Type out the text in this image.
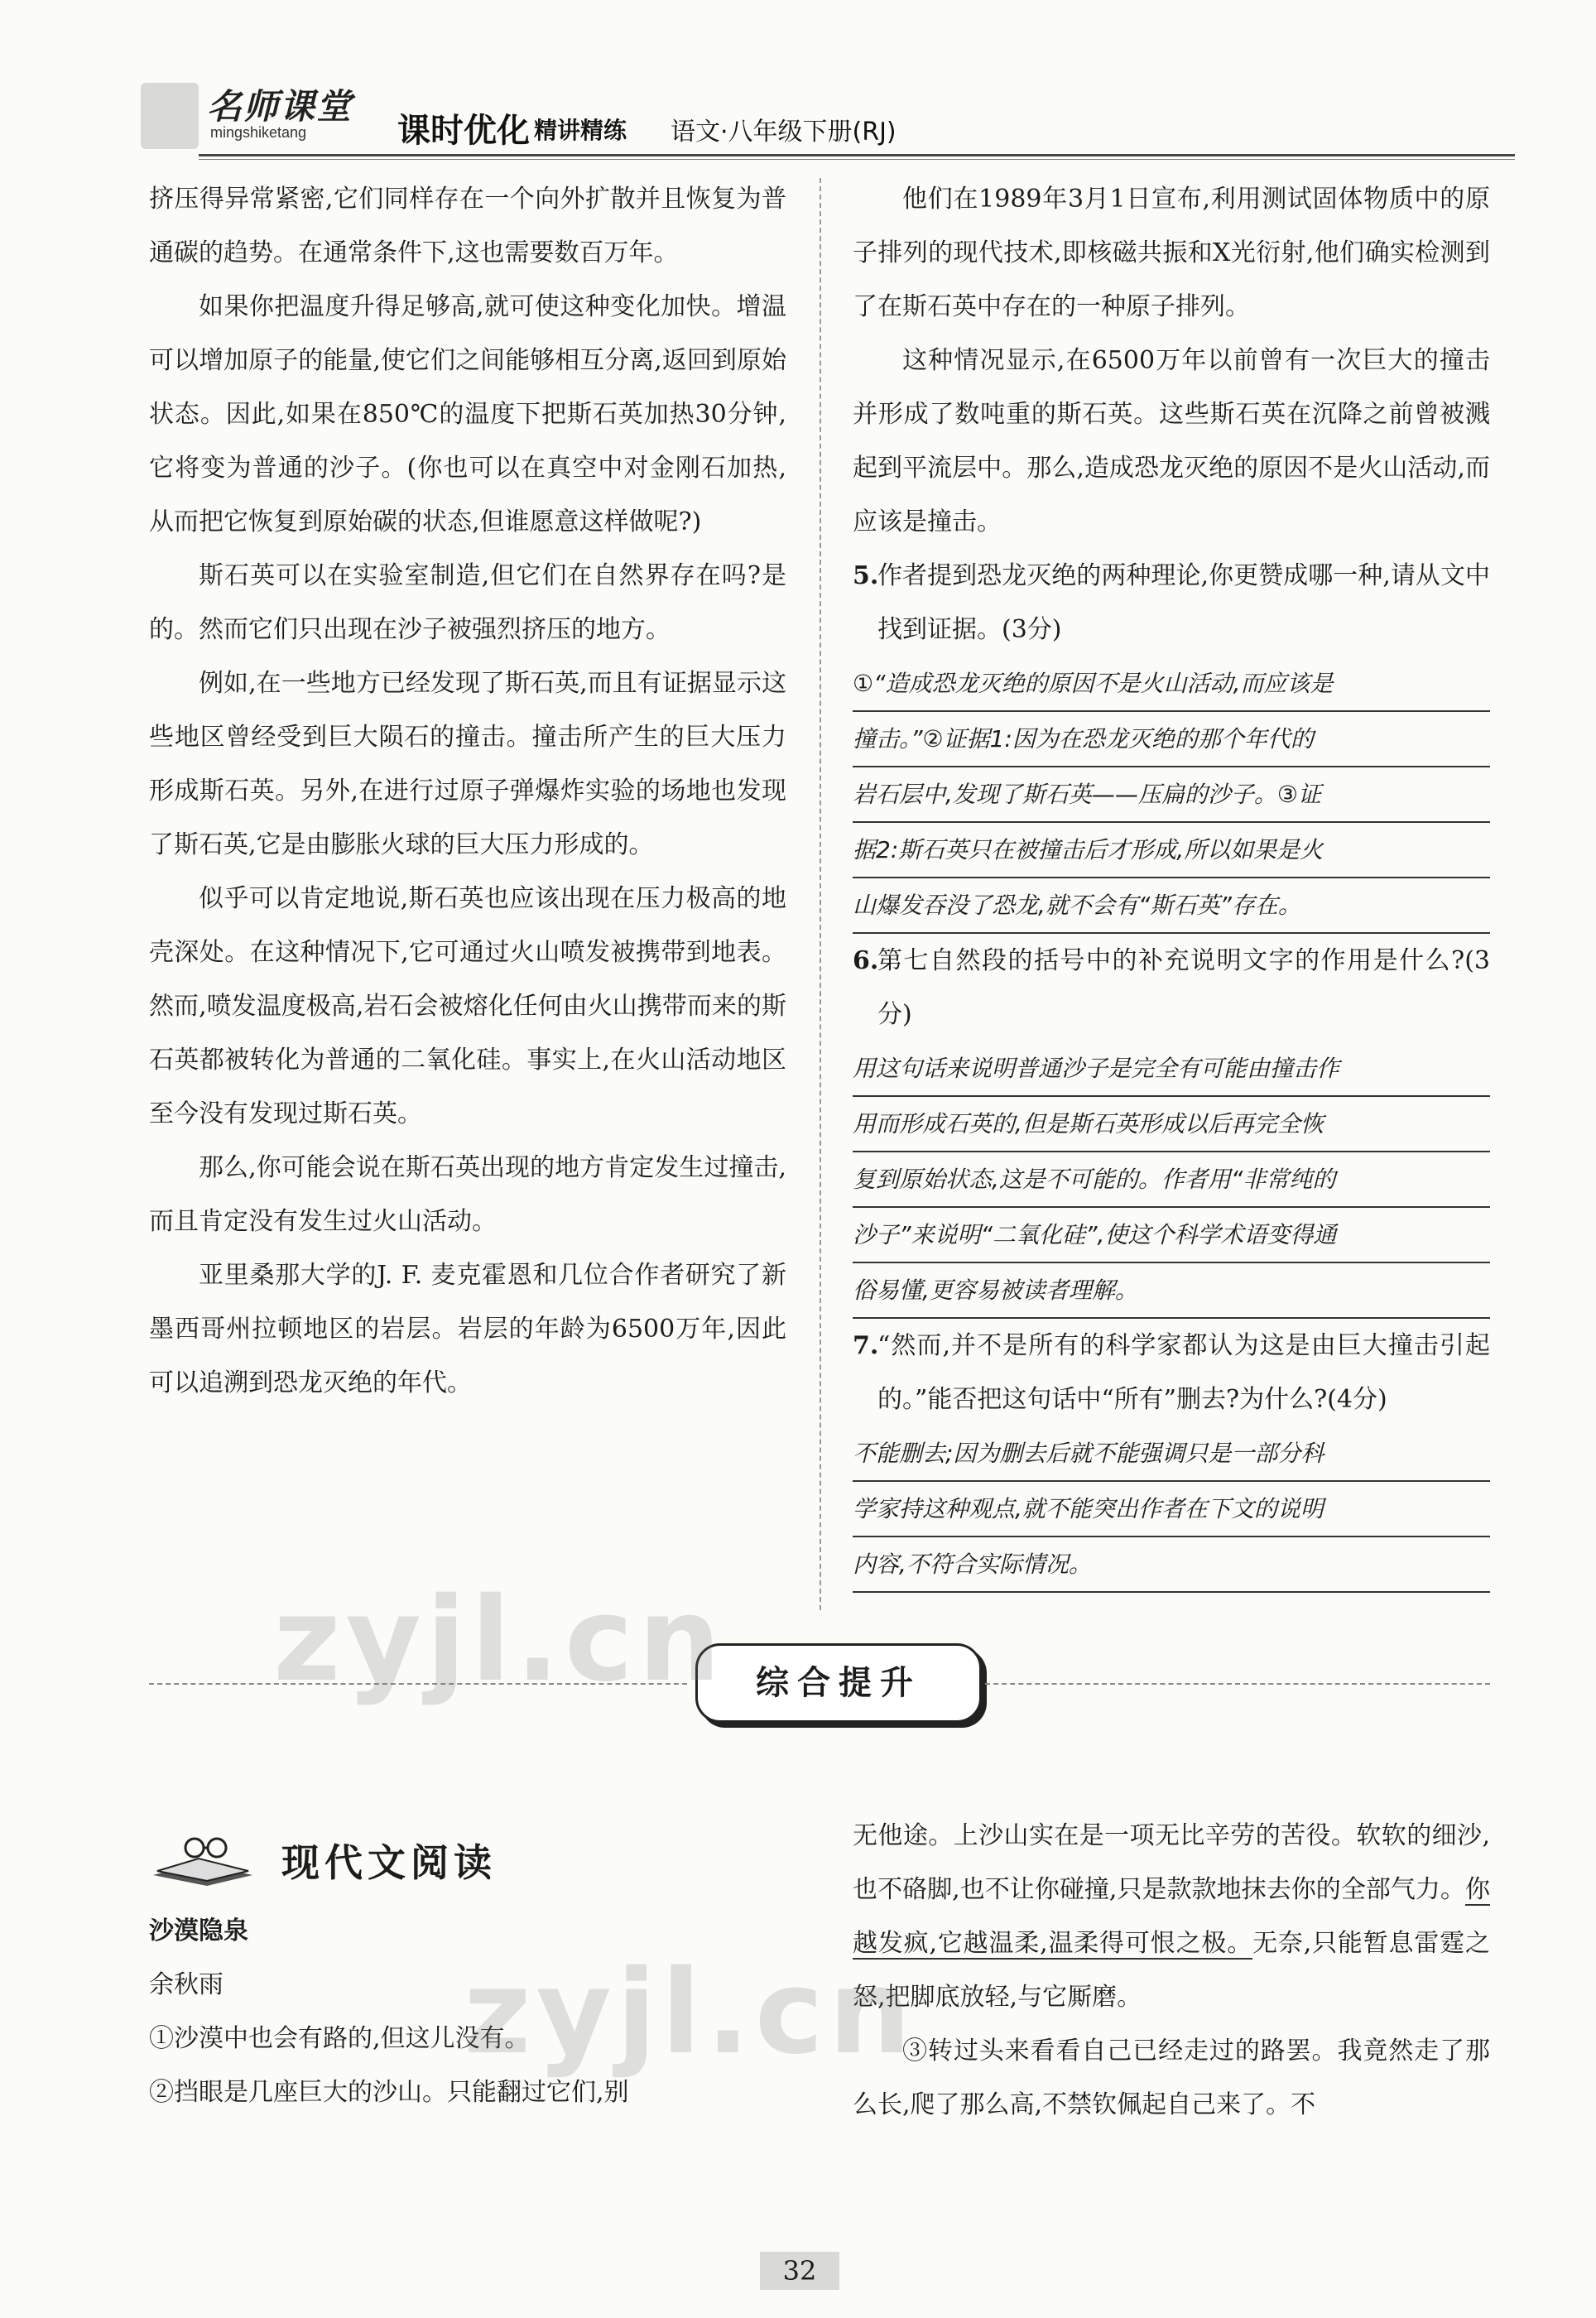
名师课堂
mingshiketang	课时优化 精讲精练 语文·八年级下册(RJ)

挤压得异常紧密,它们同样存在一个向外扩散并且恢复为普通碳的趋势。在通常条件下,这也需要数百万年。

如果你把温度升得足够高,就可使这种变化加快。增温可以增加原子的能量,使它们之间能够相互分离,返回到原始状态。因此,如果在850℃的温度下把斯石英加热30分钟,它将变为普通的沙子。(你也可以在真空中对金刚石加热,从而把它恢复到原始碳的状态,但谁愿意这样做呢?)

斯石英可以在实验室制造,但它们在自然界存在吗?是的。然而它们只出现在沙子被强烈挤压的地方。

例如,在一些地方已经发现了斯石英,而且有证据显示这些地区曾经受到巨大陨石的撞击。撞击所产生的巨大压力形成斯石英。另外,在进行过原子弹爆炸实验的场地也发现了斯石英,它是由膨胀火球的巨大压力形成的。

似乎可以肯定地说,斯石英也应该出现在压力极高的地壳深处。在这种情况下,它可通过火山喷发被携带到地表。然而,喷发温度极高,岩石会被熔化任何由火山携带而来的斯石英都被转化为普通的二氧化硅。事实上,在火山活动地区至今没有发现过斯石英。

那么,你可能会说在斯石英出现的地方肯定发生过撞击,而且肯定没有发生过火山活动。

亚里桑那大学的J. F. 麦克霍恩和几位合作者研究了新墨西哥州拉顿地区的岩层。岩层的年龄为6500万年,因此可以追溯到恐龙灭绝的年代。

他们在1989年3月1日宣布,利用测试固体物质中的原子排列的现代技术,即核磁共振和X光衍射,他们确实检测到了在斯石英中存在的一种原子排列。

这种情况显示,在6500万年以前曾有一次巨大的撞击并形成了数吨重的斯石英。这些斯石英在沉降之前曾被溅起到平流层中。那么,造成恐龙灭绝的原因不是火山活动,而应该是撞击。

5.
作者提到恐龙灭绝的两种理论,你更赞成哪一种,请从文中找到证据。(3分)

①“造成恐龙灭绝的原因不是火山活动,而应该是
撞击。”②证据1:因为在恐龙灭绝的那个年代的
岩石层中,发现了斯石英——压扁的沙子。③证
据2:斯石英只在被撞击后才形成,所以如果是火
山爆发吞没了恐龙,就不会有“斯石英”存在。

6.
第七自然段的括号中的补充说明文字的作用是什么?(3分)

用这句话来说明普通沙子是完全有可能由撞击作
用而形成石英的,但是斯石英形成以后再完全恢
复到原始状态,这是不可能的。作者用“非常纯的
沙子”来说明“二氧化硅”,使这个科学术语变得通
俗易懂,更容易被读者理解。

7.
“然而,并不是所有的科学家都认为这是由巨大撞击引起的。”能否把这句话中“所有”删去?为什么?(4分)

不能删去;因为删去后就不能强调只是一部分科
学家持这种观点,就不能突出作者在下文的说明
内容,不符合实际情况。
综合提升
现代文阅读

沙漠隐泉

余秋雨

①沙漠中也会有路的,但这儿没有。

②挡眼是几座巨大的沙山。只能翻过它们,别

无他途。上沙山实在是一项无比辛劳的苦役。软软的细沙,也不硌脚,也不让你碰撞,只是款款地抹去你的全部气力。你越发疯,它越温柔,温柔得可恨之极。无奈,只能暂息雷霆之怒,把脚底放轻,与它厮磨。

③转过头来看看自己已经走过的路罢。我竟然走了那么长,爬了那么高,不禁钦佩起自己来了。不

32
zyjl.cn
zyjl.cn
